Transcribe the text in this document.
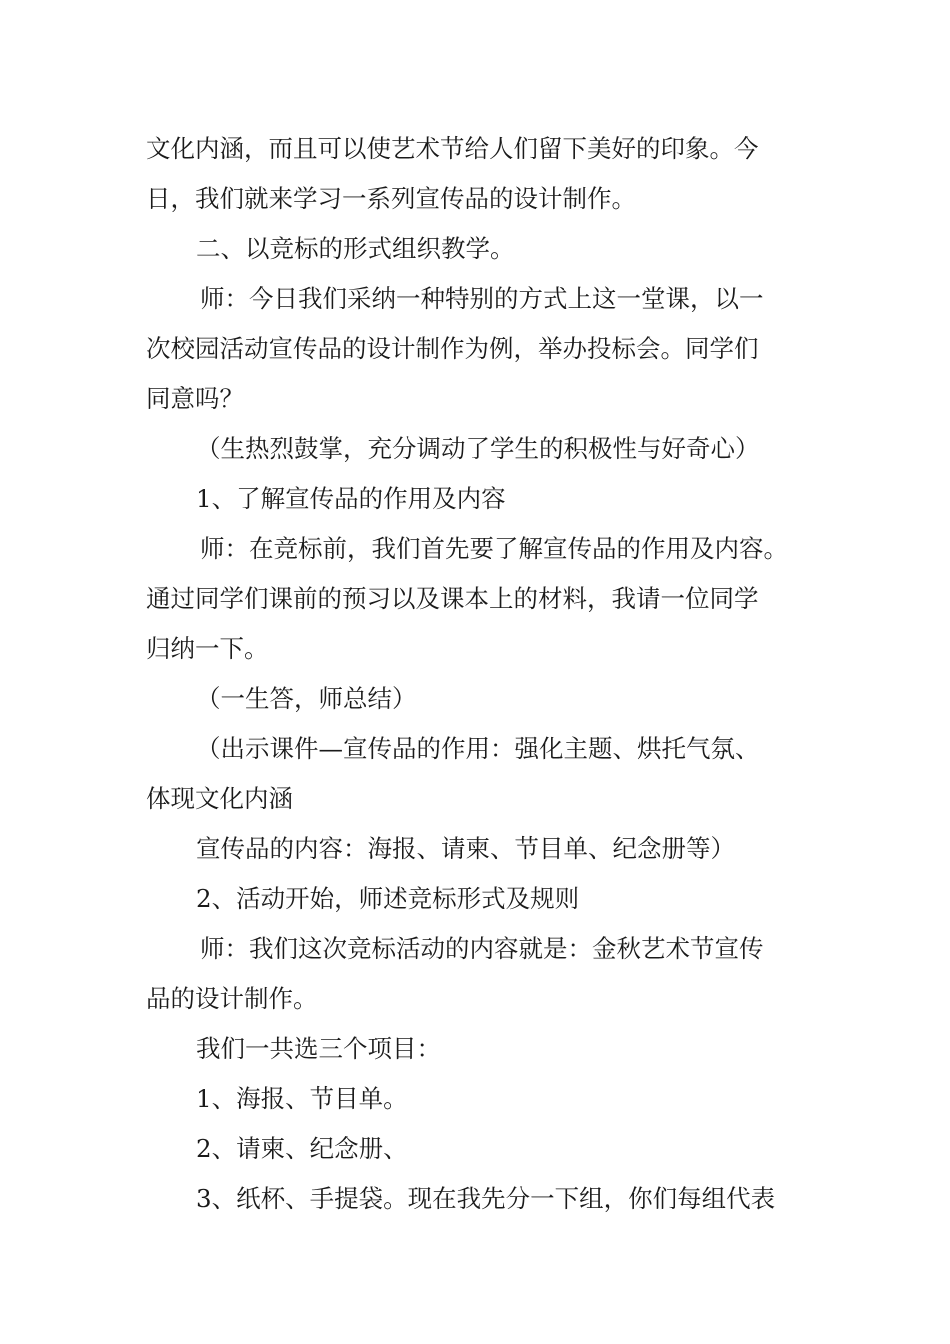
文化内涵，而且可以使艺术节给人们留下美好的印象。今

日，我们就来学习一系列宣传品的设计制作。

二、以竞标的形式组织教学。

师：今日我们采纳一种特别的方式上这一堂课，以一

次校园活动宣传品的设计制作为例，举办投标会。同学们

同意吗？

（生热烈鼓掌，充分调动了学生的积极性与好奇心）

1、了解宣传品的作用及内容

师：在竞标前，我们首先要了解宣传品的作用及内容。

通过同学们课前的预习以及课本上的材料，我请一位同学

归纳一下。

（一生答，师总结）

（出示课件—宣传品的作用：强化主题、烘托气氛、

体现文化内涵

宣传品的内容：海报、请柬、节目单、纪念册等）

2、活动开始，师述竞标形式及规则

师：我们这次竞标活动的内容就是：金秋艺术节宣传

品的设计制作。

我们一共选三个项目：

1、海报、节目单。

2、请柬、纪念册、

3、纸杯、手提袋。现在我先分一下组，你们每组代表
